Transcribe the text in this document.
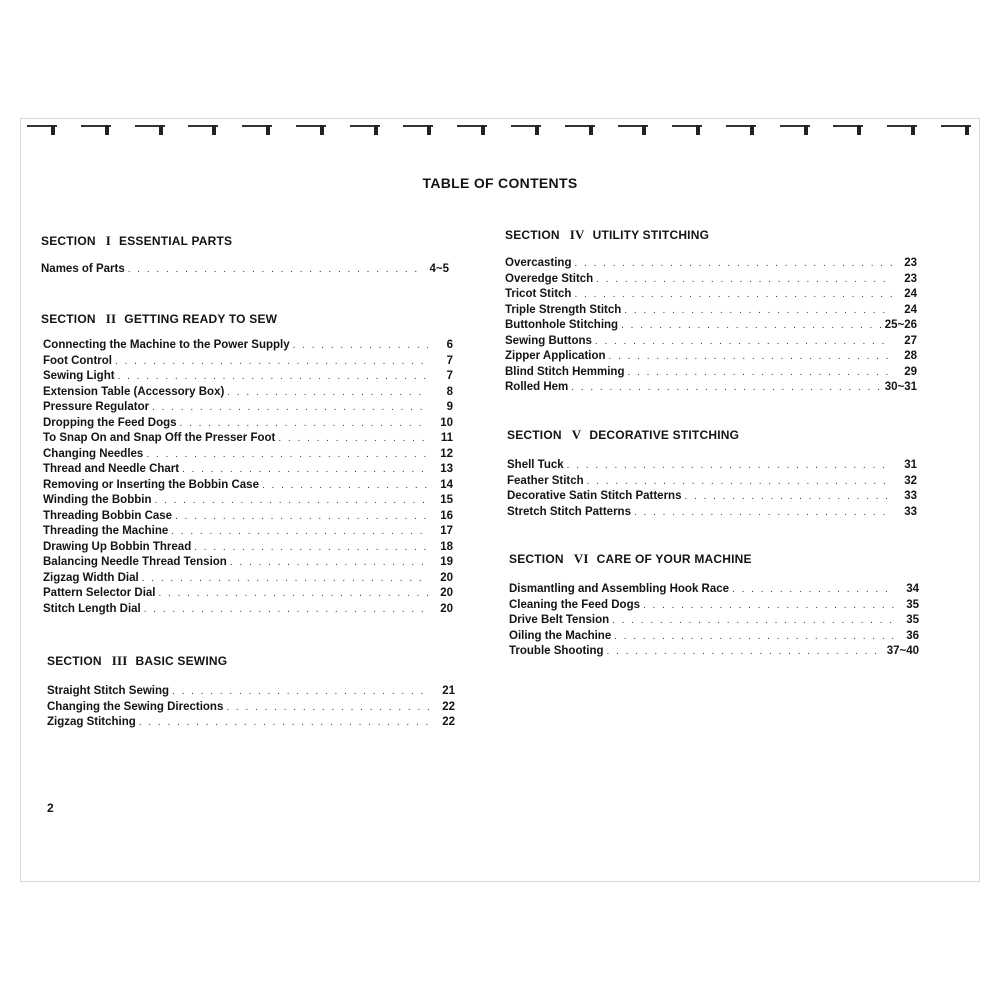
TABLE OF CONTENTS
SECTION I ESSENTIAL PARTS
Names of Parts . . .	4~5
SECTION II GETTING READY TO SEW
Connecting the Machine to the Power Supply . . .	6
Foot Control . . .	7
Sewing Light . . .	7
Extension Table (Accessory Box) . . .	8
Pressure Regulator . . .	9
Dropping the Feed Dogs . . .	10
To Snap On and Snap Off the Presser Foot . . .	11
Changing Needles . . .	12
Thread and Needle Chart . . .	13
Removing or Inserting the Bobbin Case . . .	14
Winding the Bobbin . . .	15
Threading Bobbin Case . . .	16
Threading the Machine . . .	17
Drawing Up Bobbin Thread . . .	18
Balancing Needle Thread Tension . . .	19
Zigzag Width Dial . . .	20
Pattern Selector Dial . . .	20
Stitch Length Dial . . .	20
SECTION III BASIC SEWING
Straight Stitch Sewing . . .	21
Changing the Sewing Directions . . .	22
Zigzag Stitching . . .	22
SECTION IV UTILITY STITCHING
Overcasting . . .	23
Overedge Stitch . . .	23
Tricot Stitch . . .	24
Triple Strength Stitch . . .	24
Buttonhole Stitching . . .	25~26
Sewing Buttons . . .	27
Zipper Application . . .	28
Blind Stitch Hemming . . .	29
Rolled Hem . . .	30~31
SECTION V DECORATIVE STITCHING
Shell Tuck . . .	31
Feather Stitch . . .	32
Decorative Satin Stitch Patterns . . .	33
Stretch Stitch Patterns . . .	33
SECTION VI CARE OF YOUR MACHINE
Dismantling and Assembling Hook Race . . .	34
Cleaning the Feed Dogs . . .	35
Drive Belt Tension . . .	35
Oiling the Machine . . .	36
Trouble Shooting . . .	37~40
2
